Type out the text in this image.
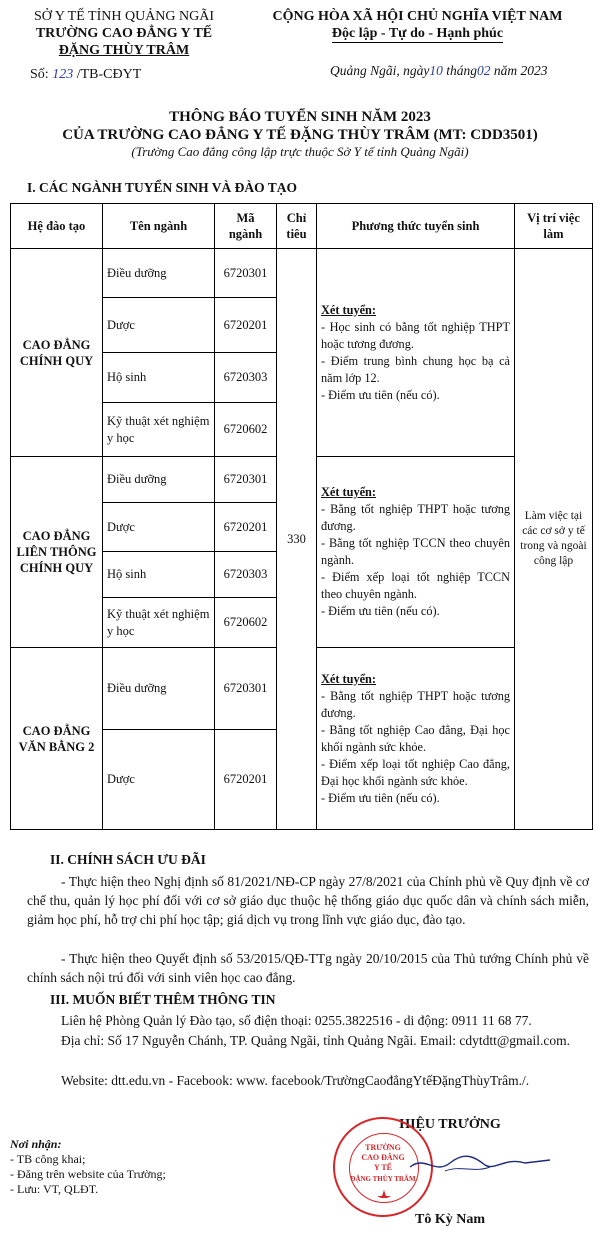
SỞ Y TẾ TỈNH QUẢNG NGÃI
TRƯỜNG CAO ĐẲNG Y TẾ
ĐẶNG THÙY TRÂM
Số: 123 /TB-CĐYT
CỘNG HÒA XÃ HỘI CHỦ NGHĨA VIỆT NAM
Độc lập - Tự do - Hạnh phúc
Quảng Ngãi, ngày10 tháng02 năm 2023
THÔNG BÁO TUYỂN SINH NĂM 2023
CỦA TRƯỜNG CAO ĐẲNG Y TẾ ĐẶNG THÙY TRÂM (MT: CDD3501)
(Trường Cao đẳng công lập trực thuộc Sở Y tế tỉnh Quảng Ngãi)
I. CÁC NGÀNH TUYỂN SINH VÀ ĐÀO TẠO
Hệ đào tạo	Tên ngành	Mã ngành	Chỉ tiêu	Phương thức tuyển sinh	Vị trí việc làm
CAO ĐẲNG CHÍNH QUY	Điều dưỡng	6720301	330	Xét tuyển:
- Học sinh có bằng tốt nghiệp THPT hoặc tương đương.
- Điểm trung bình chung học bạ cả năm lớp 12.
- Điểm ưu tiên (nếu có).	Làm việc tại các cơ sở y tế trong và ngoài công lập
	Dược	6720201			
	Hộ sinh	6720303			
	Kỹ thuật xét nghiệm y học	6720602			
CAO ĐẲNG LIÊN THÔNG CHÍNH QUY	Điều dưỡng	6720301		Xét tuyển:
- Bằng tốt nghiệp THPT hoặc tương đương.
- Bằng tốt nghiệp TCCN theo chuyên ngành.
- Điểm xếp loại tốt nghiệp TCCN theo chuyên ngành.
- Điểm ưu tiên (nếu có).	

	Dược	6720201			
	Hộ sinh	6720303			
	Kỹ thuật xét nghiệm y học	6720602			
CAO ĐẲNG VĂN BẰNG 2	Điều dưỡng	6720301		Xét tuyển:
- Bằng tốt nghiệp THPT hoặc tương đương.
- Bằng tốt nghiệp Cao đẳng, Đại học khối ngành sức khỏe.
- Điểm xếp loại tốt nghiệp Cao đẳng, Đại học khối ngành sức khỏe.
- Điểm ưu tiên (nếu có).	

	Dược	6720201			
II. CHÍNH SÁCH ƯU ĐÃI
- Thực hiện theo Nghị định số 81/2021/NĐ-CP ngày 27/8/2021 của Chính phủ về Quy định về cơ chế thu, quản lý học phí đối với cơ sở giáo dục thuộc hệ thống giáo dục quốc dân và chính sách miễn, giảm học phí, hỗ trợ chi phí học tập; giá dịch vụ trong lĩnh vực giáo dục, đào tạo.
- Thực hiện theo Quyết định số 53/2015/QĐ-TTg ngày 20/10/2015 của Thủ tướng Chính phủ về chính sách nội trú đối với sinh viên học cao đẳng.
III. MUỐN BIẾT THÊM THÔNG TIN
Liên hệ Phòng Quản lý Đào tạo, số điện thoại: 0255.3822516 - di động: 0911 11 68 77.
Địa chỉ: Số 17 Nguyễn Chánh, TP. Quảng Ngãi, tỉnh Quảng Ngãi. Email: cdytdtt@gmail.com.
Website: dtt.edu.vn - Facebook: www. facebook/TrườngCaođẳngYtếĐặngThùyTrâm./.
Nơi nhận:
- TB công khai;
- Đăng trên website của Trường;
- Lưu: VT, QLĐT.
HIỆU TRƯỞNG
TRƯỜNG
CAO ĐẲNG
Y TẾ
ĐẶNG THÙY TRÂM
Tô Kỳ Nam
